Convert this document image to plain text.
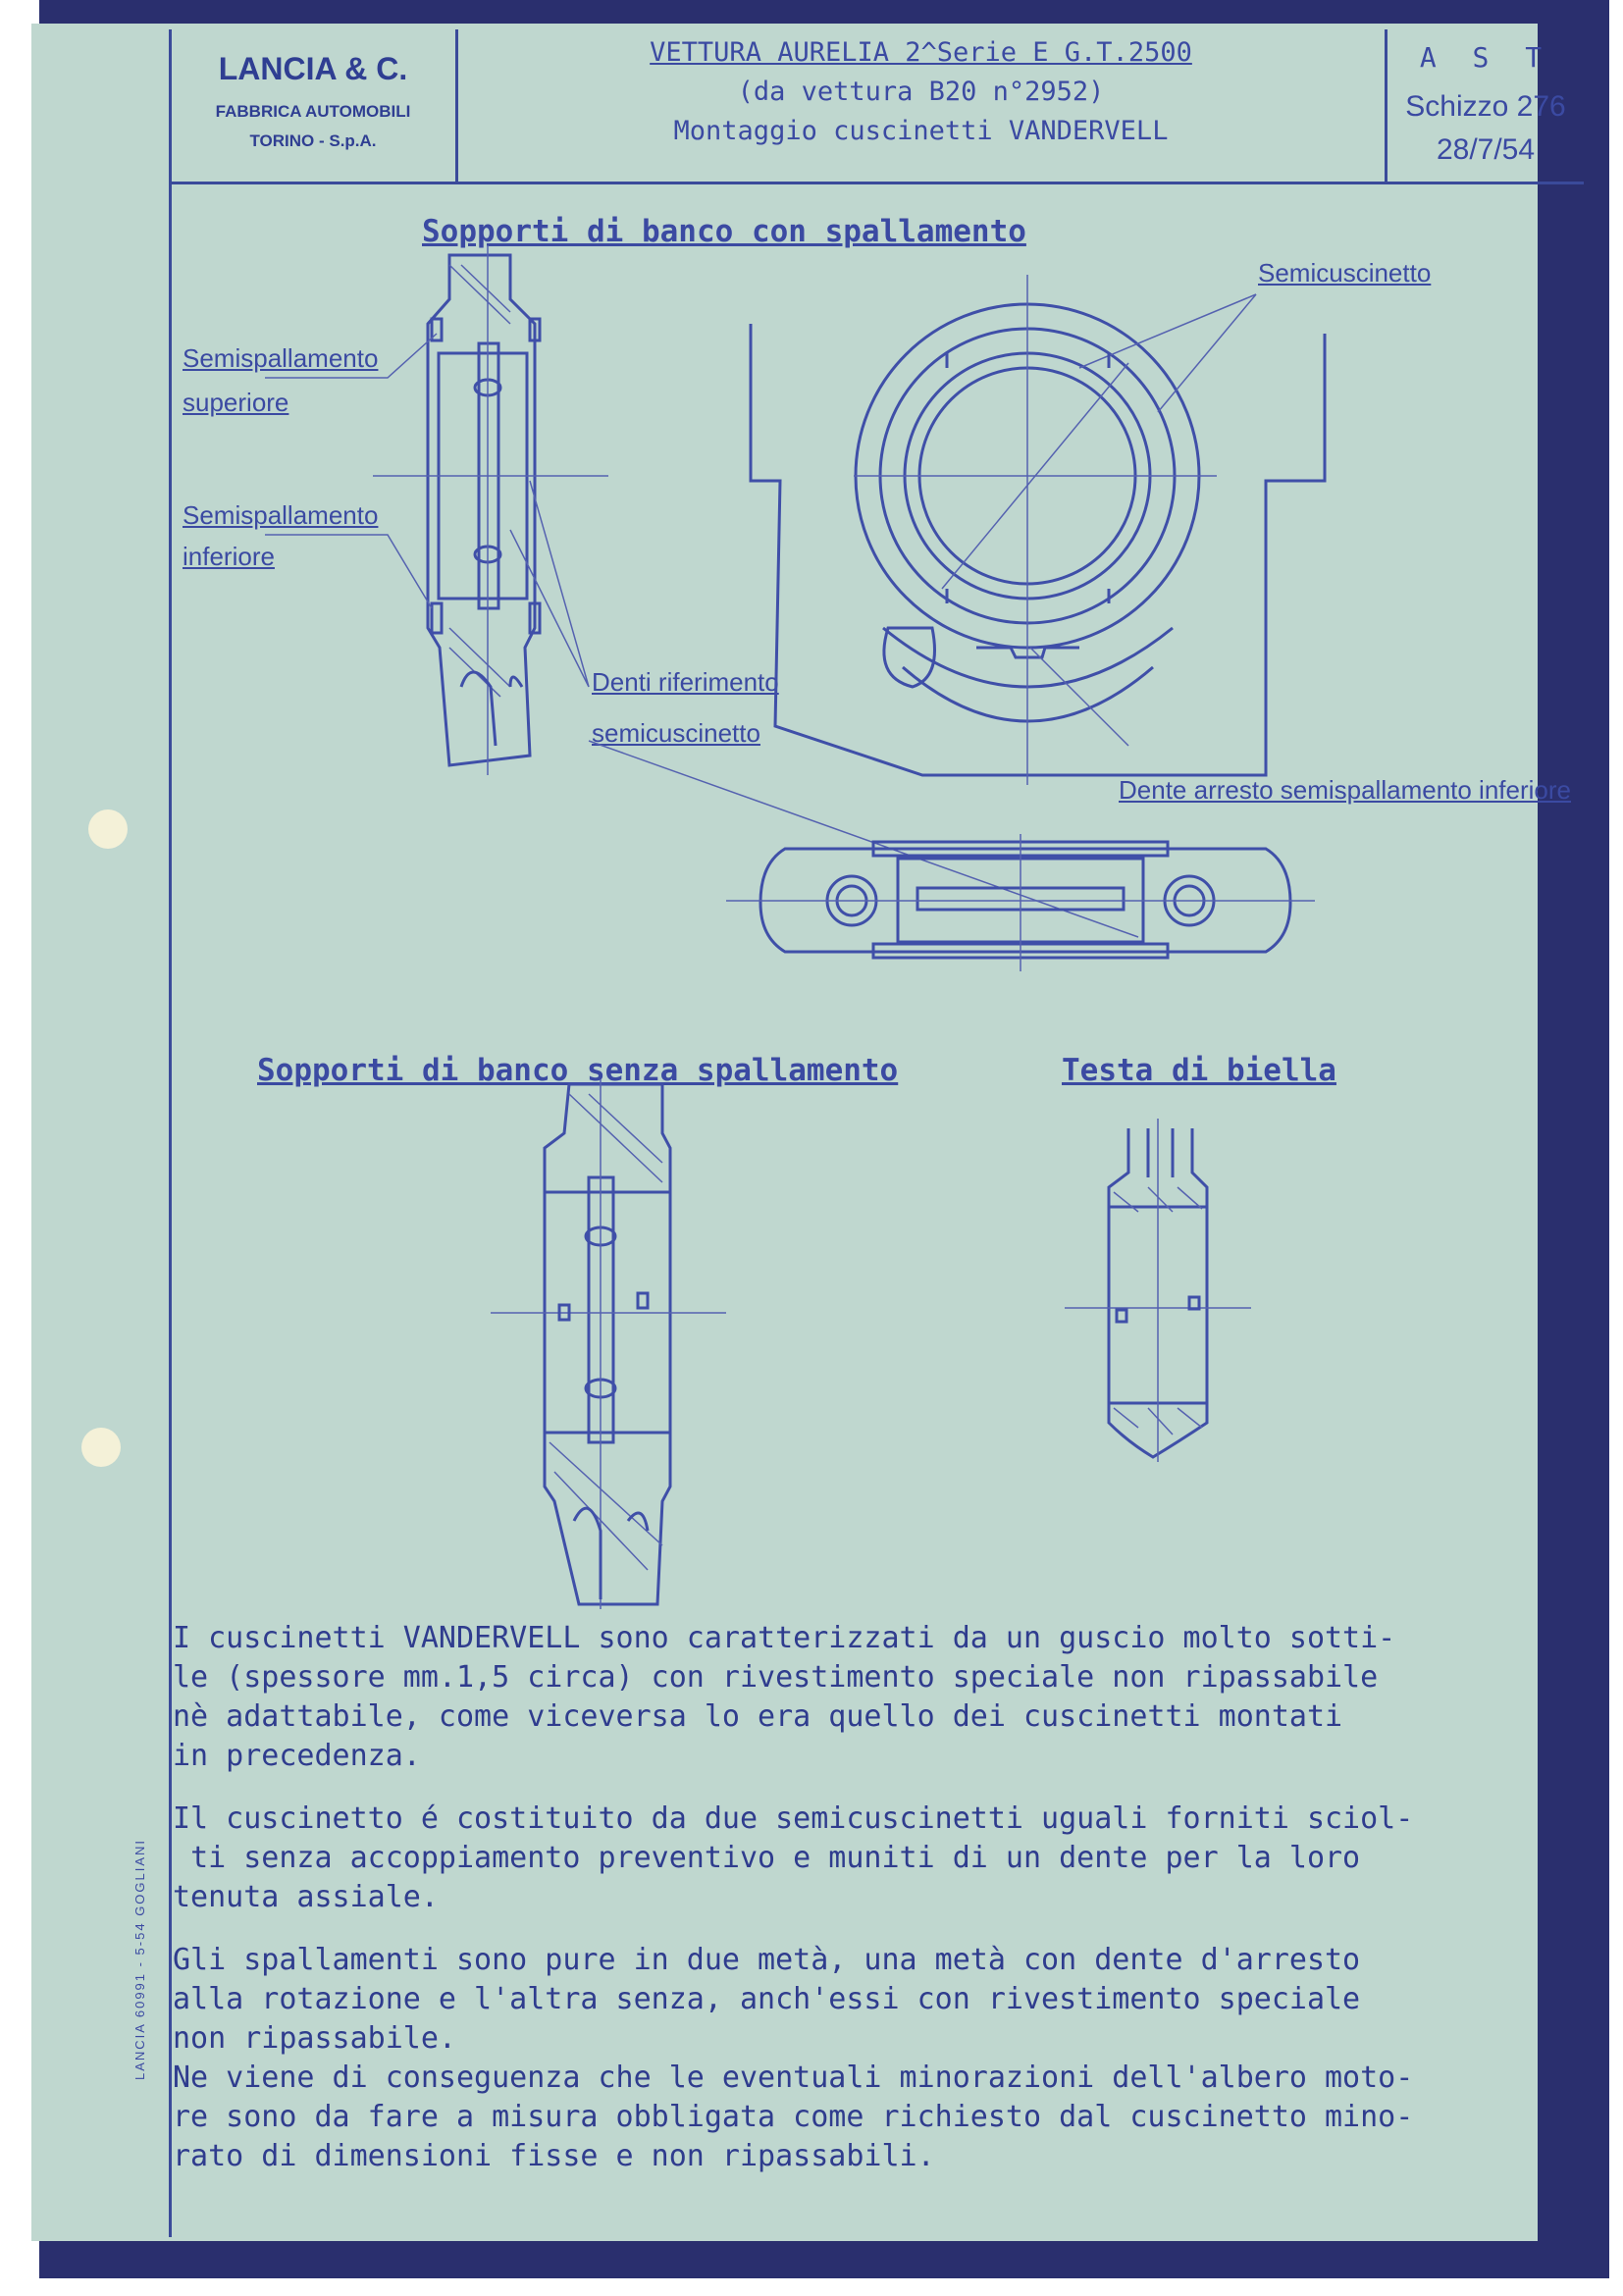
LANCIA & C.
FABBRICA AUTOMOBILI
TORINO - S.p.A.
VETTURA AURELIA 2^Serie E G.T.2500
(da vettura B20 n°2952)
Montaggio cuscinetti VANDERVELL
A S T
Schizzo 276
28/7/54
Sopporti di banco con spallamento
Sopporti di banco senza spallamento	Testa di biella
Semispallamento
superiore
Semispallamento
inferiore
Denti riferimento
semicuscinetto
Semicuscinetto
Dente arresto semispallamento inferiore

I cuscinetti VANDERVELL sono caratterizzati da un guscio molto sotti-
le (spessore mm.1,5 circa) con rivestimento speciale non ripassabile
nè adattabile, come viceversa lo era quello dei cuscinetti montati
in precedenza.

Il cuscinetto é costituito da due semicuscinetti uguali forniti sciol-
ti senza accoppiamento preventivo e muniti di un dente per la loro
tenuta assiale.

Gli spallamenti sono pure in due metà, una metà con dente d'arresto
alla rotazione e l'altra senza, anch'essi con rivestimento speciale
non ripassabile.
Ne viene di conseguenza che le eventuali minorazioni dell'albero moto-
re sono da fare a misura obbligata come richiesto dal cuscinetto mino-
rato di dimensioni fisse e non ripassabili.

LANCIA 60991 - 5-54 GOGLIANI
